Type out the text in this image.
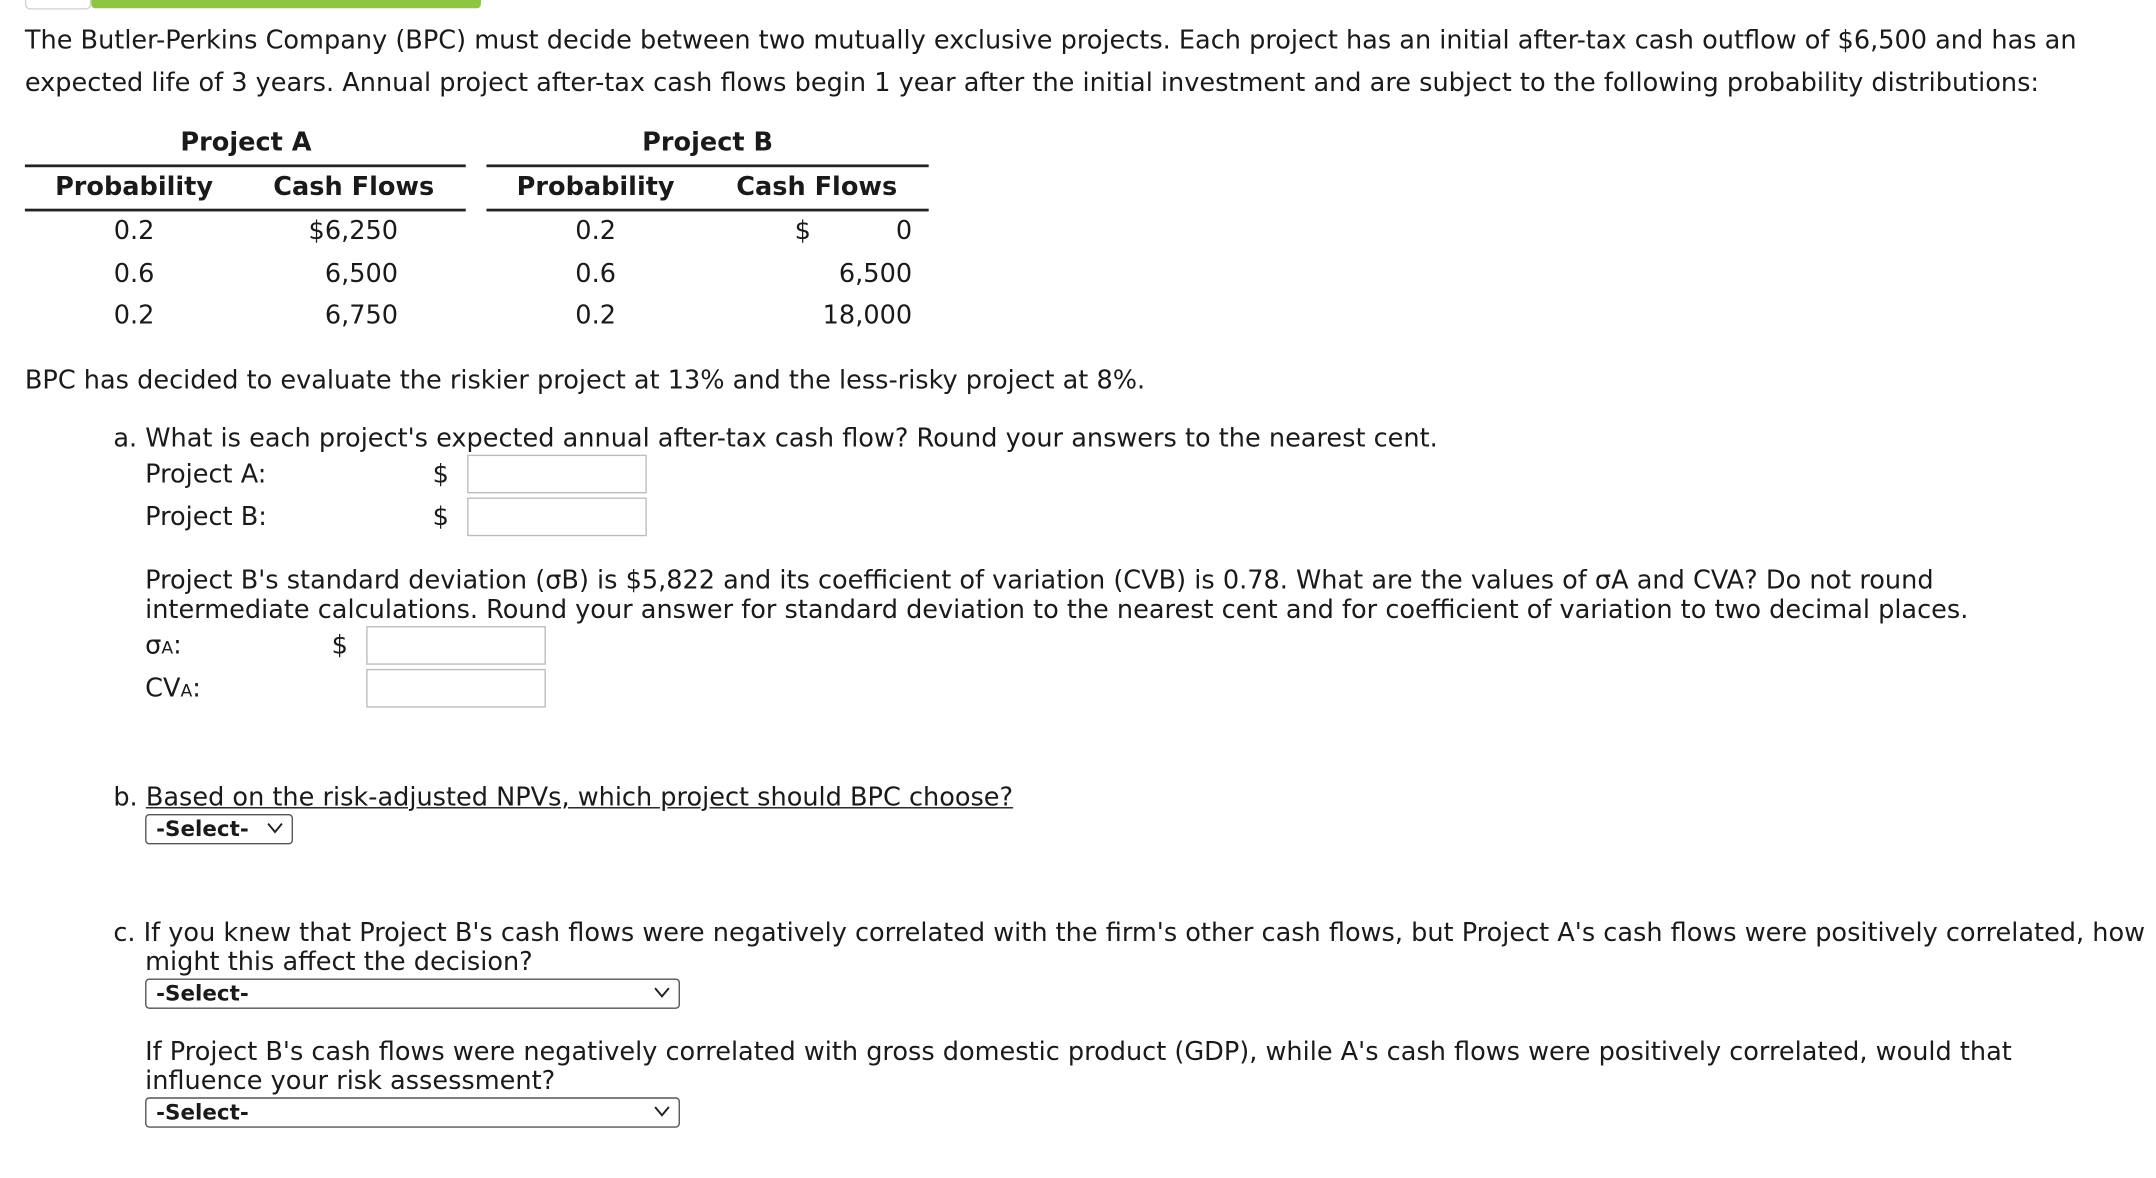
The Butler-Perkins Company (BPC) must decide between two mutually exclusive projects. Each project has an initial after-tax cash outflow of $6,500 and has an expected life of 3 years. Annual project after-tax cash flows begin 1 year after the initial investment and are subject to the following probability distributions:
Project A
Probability	Cash Flows
0.2	$6,250
0.6	6,500
0.2	6,750
Project B
Probability	Cash Flows
0.2	$	0
0.6	6,500
0.2	18,000
BPC has decided to evaluate the riskier project at 13% and the less-risky project at 8%.
a. What is each project's expected annual after-tax cash flow? Round your answers to the nearest cent.
Project A:	$
Project B:	$
Project B's standard deviation (σB) is $5,822 and its coefficient of variation (CVB) is 0.78. What are the values of σA and CVA? Do not round intermediate calculations. Round your answer for standard deviation to the nearest cent and for coefficient of variation to two decimal places.
σA:	$
CVA:
b. Based on the risk-adjusted NPVs, which project should BPC choose?
-Select-
c. If you knew that Project B's cash flows were negatively correlated with the firm's other cash flows, but Project A's cash flows were positively correlated, how might this affect the decision?
-Select-
If Project B's cash flows were negatively correlated with gross domestic product (GDP), while A's cash flows were positively correlated, would that influence your risk assessment?
-Select-
